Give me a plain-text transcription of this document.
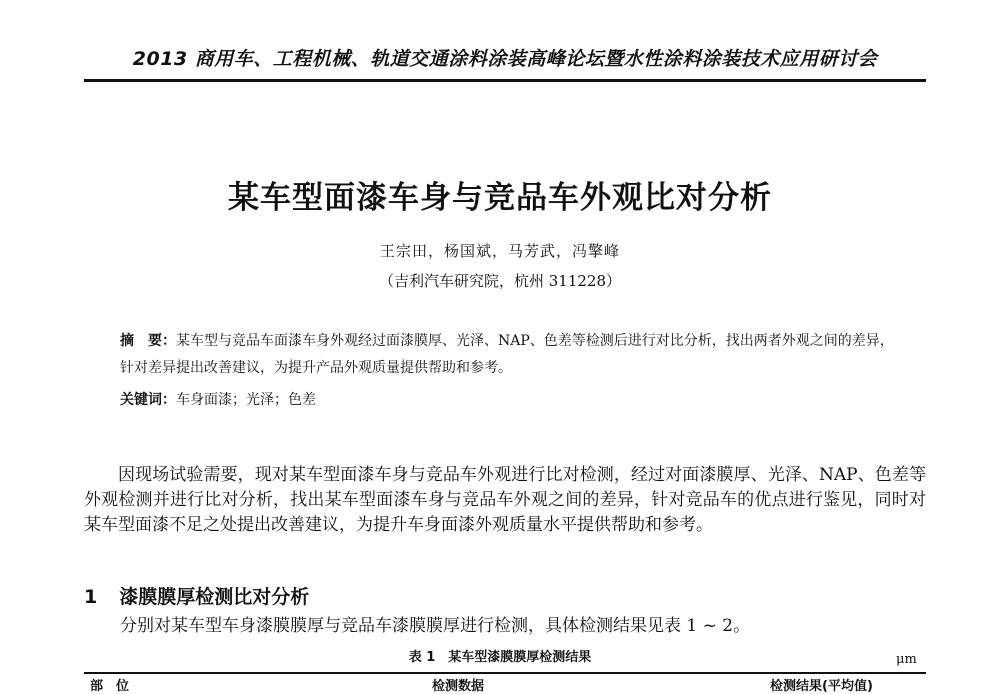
2013 商用车、工程机械、轨道交通涂料涂装高峰论坛暨水性涂料涂装技术应用研讨会
某车型面漆车身与竞品车外观比对分析
王宗田，杨国斌，马芳武，冯擎峰
（吉利汽车研究院，杭州 311228）
摘　要：某车型与竞品车面漆车身外观经过面漆膜厚、光泽、NAP、色差等检测后进行对比分析，找出两者外观之间的差异，针对差异提出改善建议，为提升产品外观质量提供帮助和参考。
关键词：车身面漆；光泽；色差

因现场试验需要，现对某车型面漆车身与竞品车外观进行比对检测，经过对面漆膜厚、光泽、NAP、色差等外观检测并进行比对分析，找出某车型面漆车身与竞品车外观之间的差异，针对竞品车的优点进行鉴见，同时对某车型面漆不足之处提出改善建议，为提升车身面漆外观质量水平提供帮助和参考。

1 漆膜膜厚检测比对分析
分别对某车型车身漆膜膜厚与竞品车漆膜膜厚进行检测，具体检测结果见表 1 ~ 2。
表 1　某车型漆膜膜厚检测结果	μm
部　位	检测数据	检测结果(平均值)
